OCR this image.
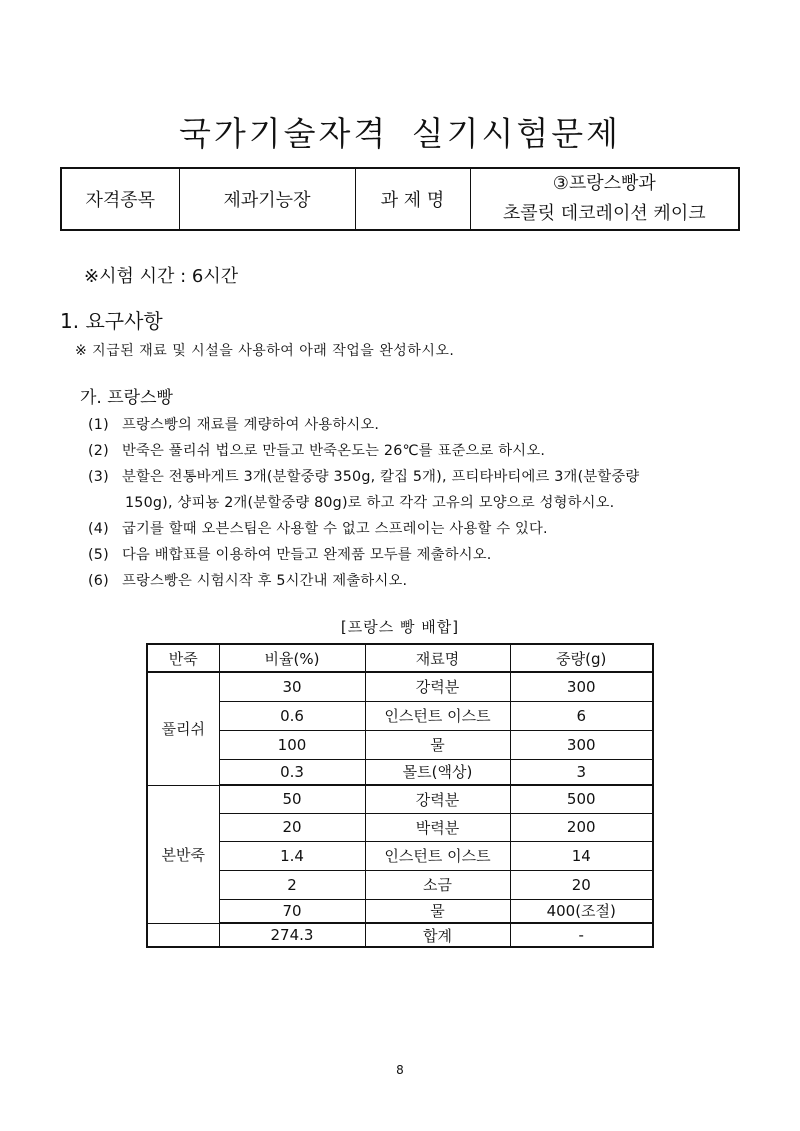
국가기술자격 실기시험문제
자격종목	제과기능장	과 제 명	
③프랑스빵과
초콜릿 데코레이션 케이크
※시험 시간 : 6시간
1. 요구사항
※ 지급된 재료 및 시설을 사용하여 아래 작업을 완성하시오.
가. 프랑스빵
(1) 프랑스빵의 재료를 계량하여 사용하시오.
(2) 반죽은 풀리쉬 법으로 만들고 반죽온도는 26℃를 표준으로 하시오.
(3) 분할은 전통바게트 3개(분할중량 350g, 칼집 5개), 프티타바티에르 3개(분할중량
150g), 샹피뇽 2개(분할중량 80g)로 하고 각각 고유의 모양으로 성형하시오.
(4) 굽기를 할때 오븐스팀은 사용할 수 없고 스프레이는 사용할 수 있다.
(5) 다음 배합표를 이용하여 만들고 완제품 모두를 제출하시오.
(6) 프랑스빵은 시험시작 후 5시간내 제출하시오.
[프랑스 빵 배합]
반죽	비율(%)	재료명	중량(g)
풀리쉬	30	강력분	300
	0.6	인스턴트 이스트	6
	100	물	300
	0.3	몰트(액상)	3
본반죽	50	강력분	500
	20	박력분	200
	1.4	인스턴트 이스트	14
	2	소금	20
	70	물	400(조절)
	274.3	합계	-
8
